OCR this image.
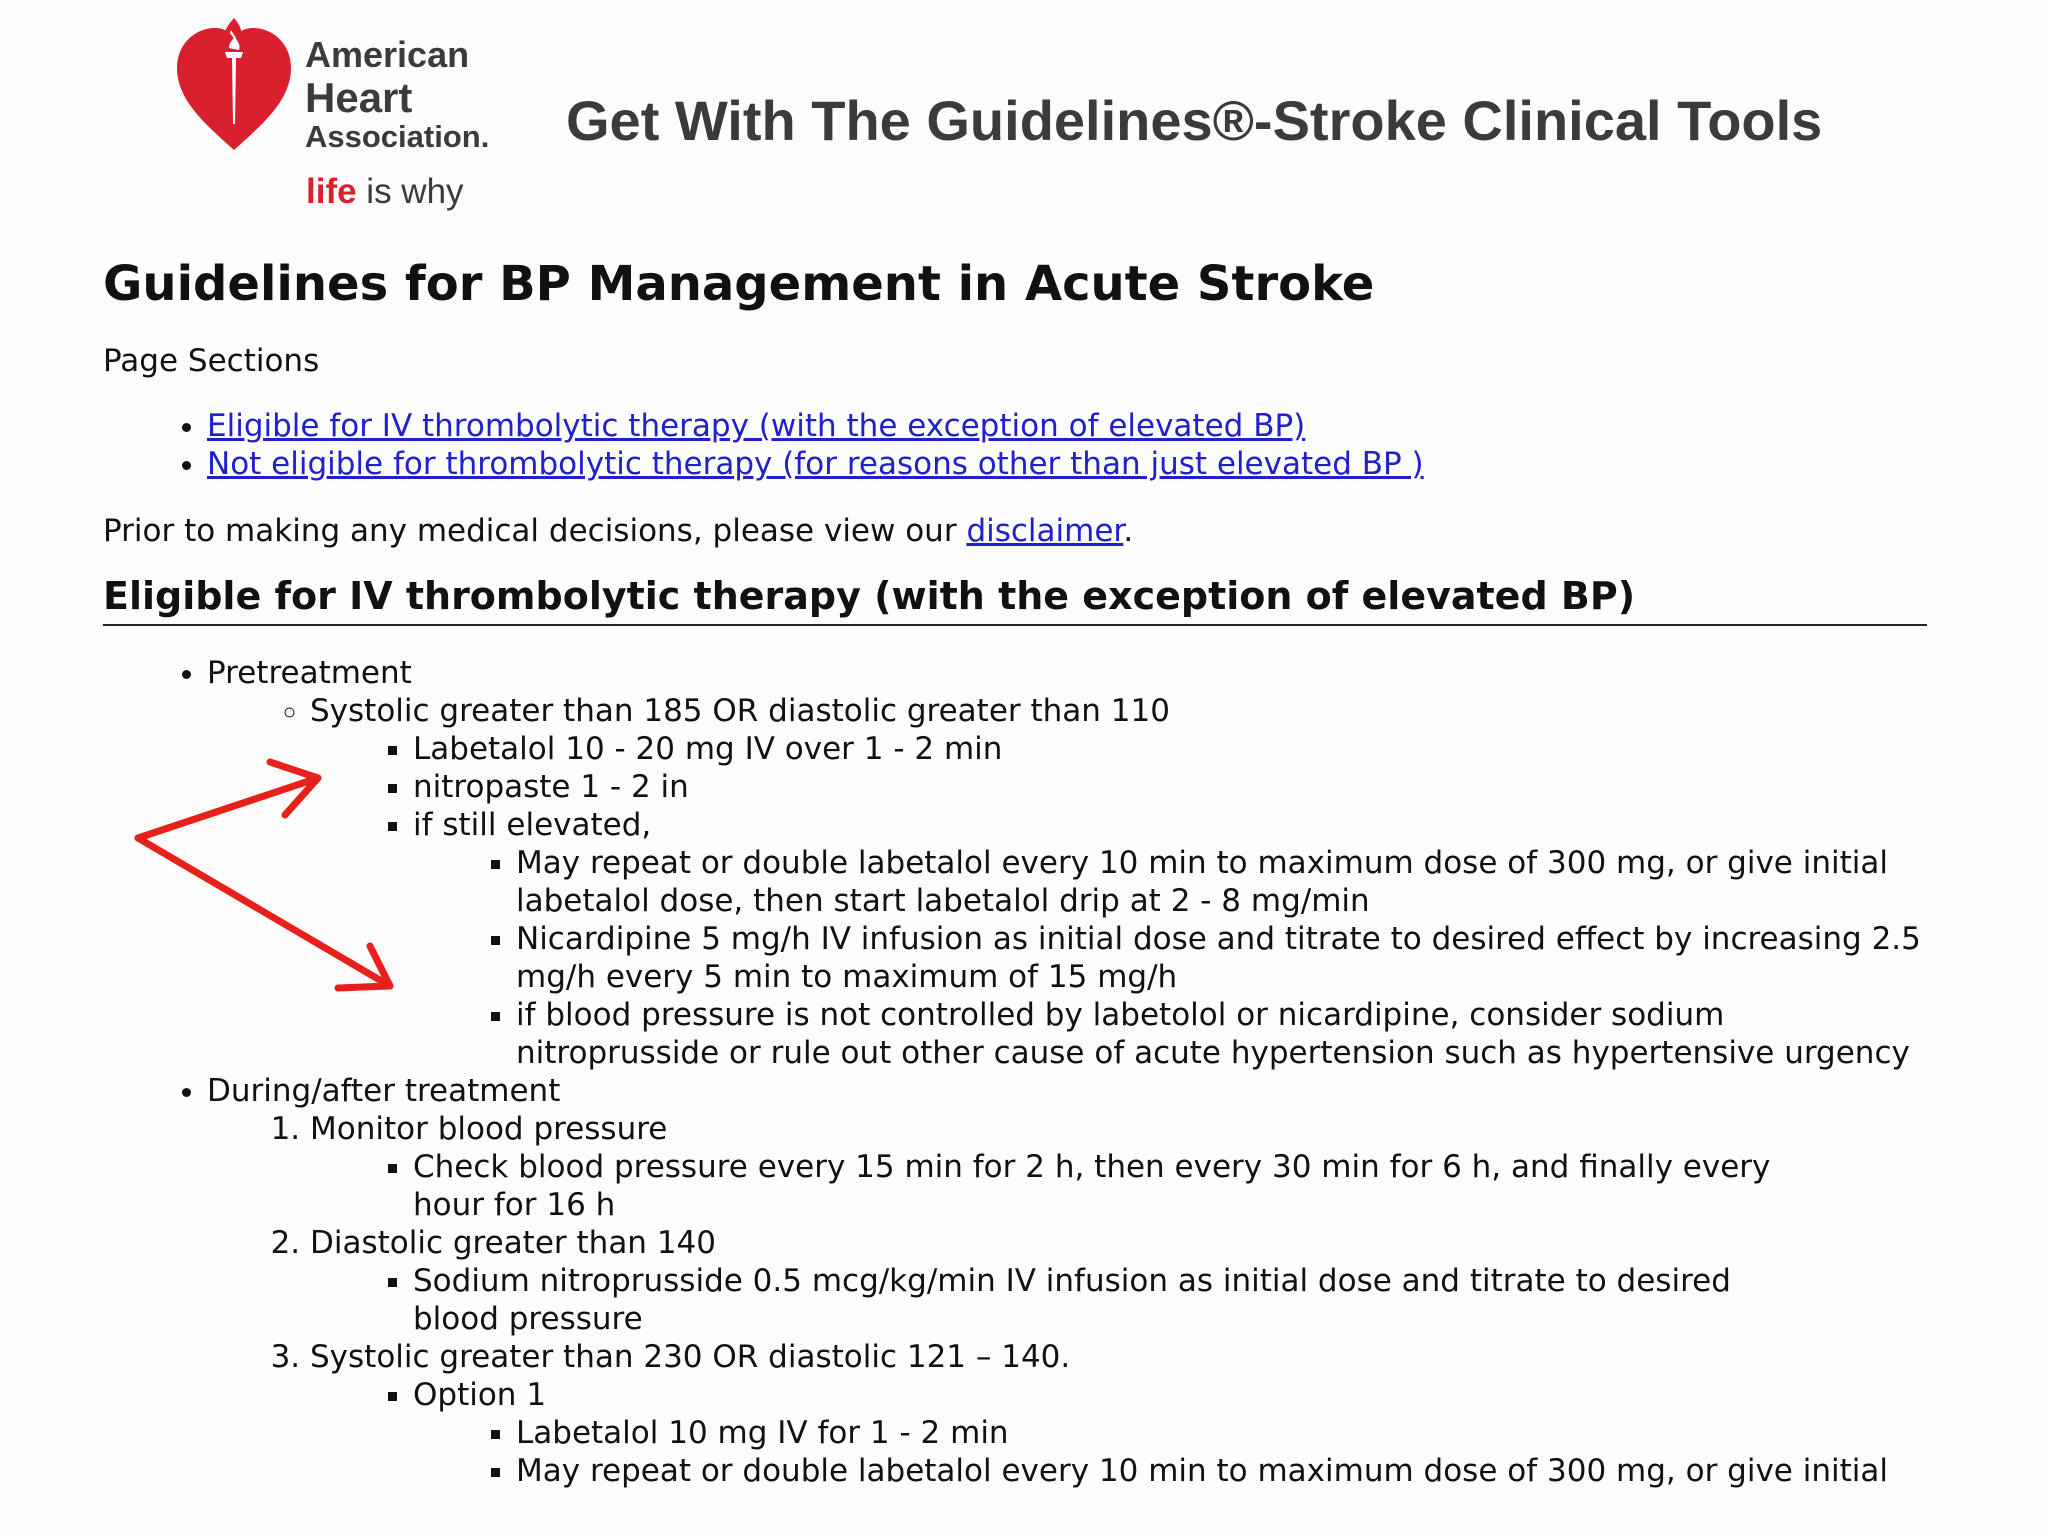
American
Heart
Association.
life is why
Get With The Guidelines®-Stroke Clinical Tools
Guidelines for BP Management in Acute Stroke

Page Sections

• Eligible for IV thrombolytic therapy (with the exception of elevated BP)
• Not eligible for thrombolytic therapy (for reasons other than just elevated BP )

Prior to making any medical decisions, please view our disclaimer.

Eligible for IV thrombolytic therapy (with the exception of elevated BP)
• Pretreatment
◦ Systolic greater than 185 OR diastolic greater than 110
▪ Labetalol 10 - 20 mg IV over 1 - 2 min
▪ nitropaste 1 - 2 in
▪ if still elevated,
▪ May repeat or double labetalol every 10 min to maximum dose of 300 mg, or give initial labetalol dose, then start labetalol drip at 2 - 8 mg/min
▪ Nicardipine 5 mg/h IV infusion as initial dose and titrate to desired effect by increasing 2.5 mg/h every 5 min to maximum of 15 mg/h
▪ if blood pressure is not controlled by labetolol or nicardipine, consider sodium nitroprusside or rule out other cause of acute hypertension such as hypertensive urgency
• During/after treatment
1. Monitor blood pressure
▪ Check blood pressure every 15 min for 2 h, then every 30 min for 6 h, and finally every hour for 16 h
2. Diastolic greater than 140
▪ Sodium nitroprusside 0.5 mcg/kg/min IV infusion as initial dose and titrate to desired blood pressure
3. Systolic greater than 230 OR diastolic 121 – 140.
▪ Option 1
▪ Labetalol 10 mg IV for 1 - 2 min
▪ May repeat or double labetalol every 10 min to maximum dose of 300 mg, or give initial
